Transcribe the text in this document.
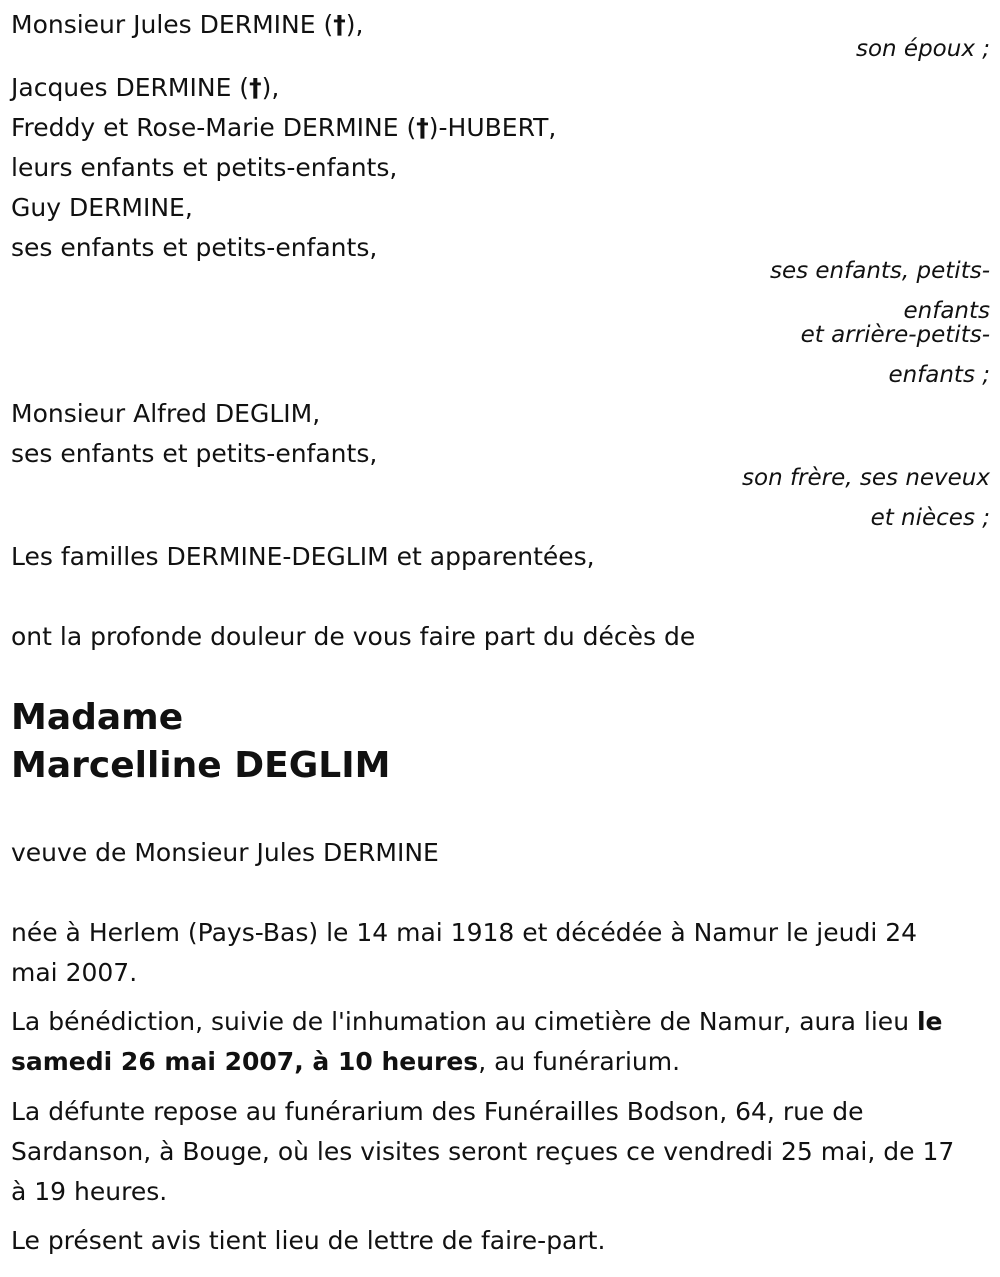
Monsieur Jules DERMINE (†),
son époux ;
Jacques DERMINE (†),
Freddy et Rose-Marie DERMINE (†)-HUBERT,
leurs enfants et petits-enfants,
Guy DERMINE,
ses enfants et petits-enfants,
ses enfants, petits-enfants
et arrière-petits-enfants ;
Monsieur Alfred DEGLIM,
ses enfants et petits-enfants,
son frère, ses neveux et nièces ;
Les familles DERMINE-DEGLIM et apparentées,
ont la profonde douleur de vous faire part du décès de
Madame
Marcelline DEGLIM
veuve de Monsieur Jules DERMINE
née à Herlem (Pays-Bas) le 14 mai 1918 et décédée à Namur le jeudi 24 mai 2007.
La bénédiction, suivie de l'inhumation au cimetière de Namur, aura lieu le samedi 26 mai 2007, à 10 heures, au funérarium.
La défunte repose au funérarium des Funérailles Bodson, 64, rue de Sardanson, à Bouge, où les visites seront reçues ce vendredi 25 mai, de 17 à 19 heures.
Le présent avis tient lieu de lettre de faire-part.
